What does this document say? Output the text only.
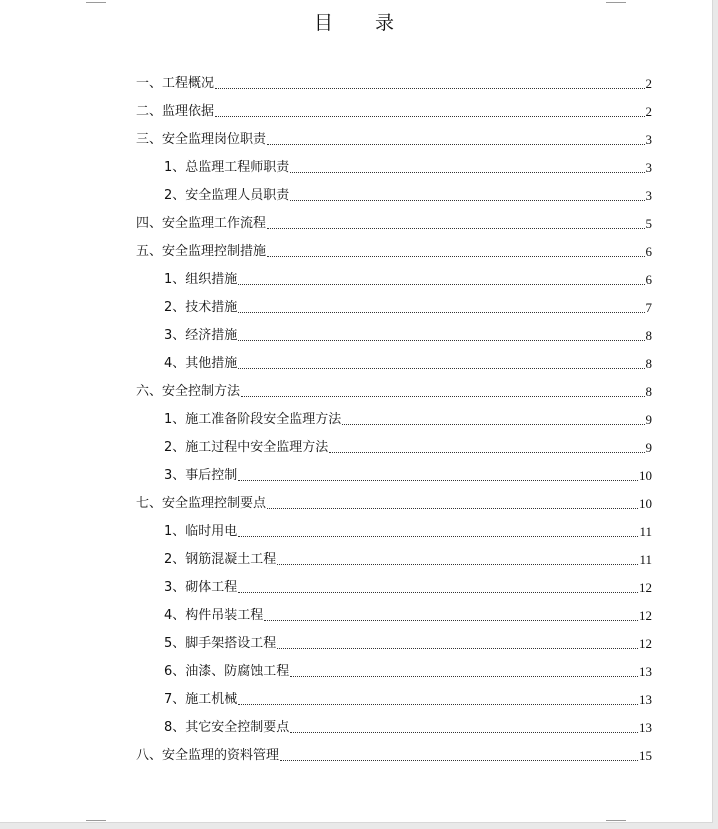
目 录
一、工程概况	2
二、监理依据	2
三、安全监理岗位职责	3
1、总监理工程师职责	3
2、安全监理人员职责	3
四、安全监理工作流程	5
五、安全监理控制措施	6
1、组织措施	6
2、技术措施	7
3、经济措施	8
4、其他措施	8
六、安全控制方法	8
1、施工准备阶段安全监理方法	9
2、施工过程中安全监理方法	9
3、事后控制	10
七、安全监理控制要点	10
1、临时用电	11
2、钢筋混凝土工程	11
3、砌体工程	12
4、构件吊装工程	12
5、脚手架搭设工程	12
6、油漆、防腐蚀工程	13
7、施工机械	13
8、其它安全控制要点	13
八、安全监理的资料管理	15
